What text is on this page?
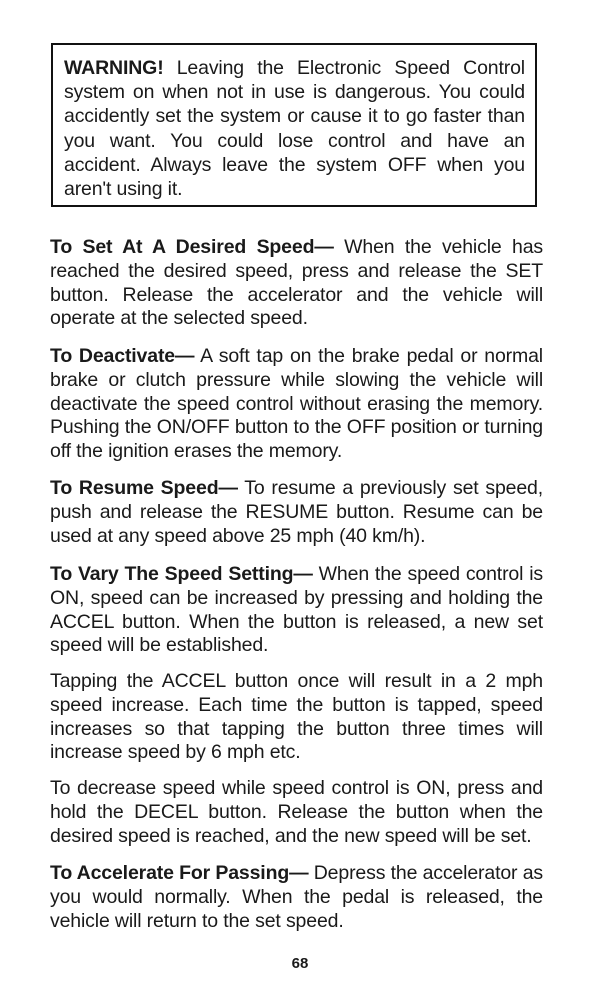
WARNING! Leaving the Electronic Speed Control system on when not in use is dangerous. You could accidently set the system or cause it to go faster than you want. You could lose control and have an accident. Always leave the system OFF when you aren't using it.

To Set At A Desired Speed— When the vehicle has reached the desired speed, press and release the SET button. Release the accelerator and the vehicle will operate at the selected speed.

To Deactivate— A soft tap on the brake pedal or normal brake or clutch pressure while slowing the vehicle will deactivate the speed control without erasing the memory. Pushing the ON/OFF button to the OFF position or turning off the ignition erases the memory.

To Resume Speed— To resume a previously set speed, push and release the RESUME button. Resume can be used at any speed above 25 mph (40 km/h).

To Vary The Speed Setting— When the speed control is ON, speed can be increased by pressing and holding the ACCEL button. When the button is released, a new set speed will be established.

Tapping the ACCEL button once will result in a 2 mph speed increase. Each time the button is tapped, speed increases so that tapping the button three times will increase speed by 6 mph etc.

To decrease speed while speed control is ON, press and hold the DECEL button. Release the button when the desired speed is reached, and the new speed will be set.

To Accelerate For Passing— Depress the accelerator as you would normally. When the pedal is released, the vehicle will return to the set speed.

68
